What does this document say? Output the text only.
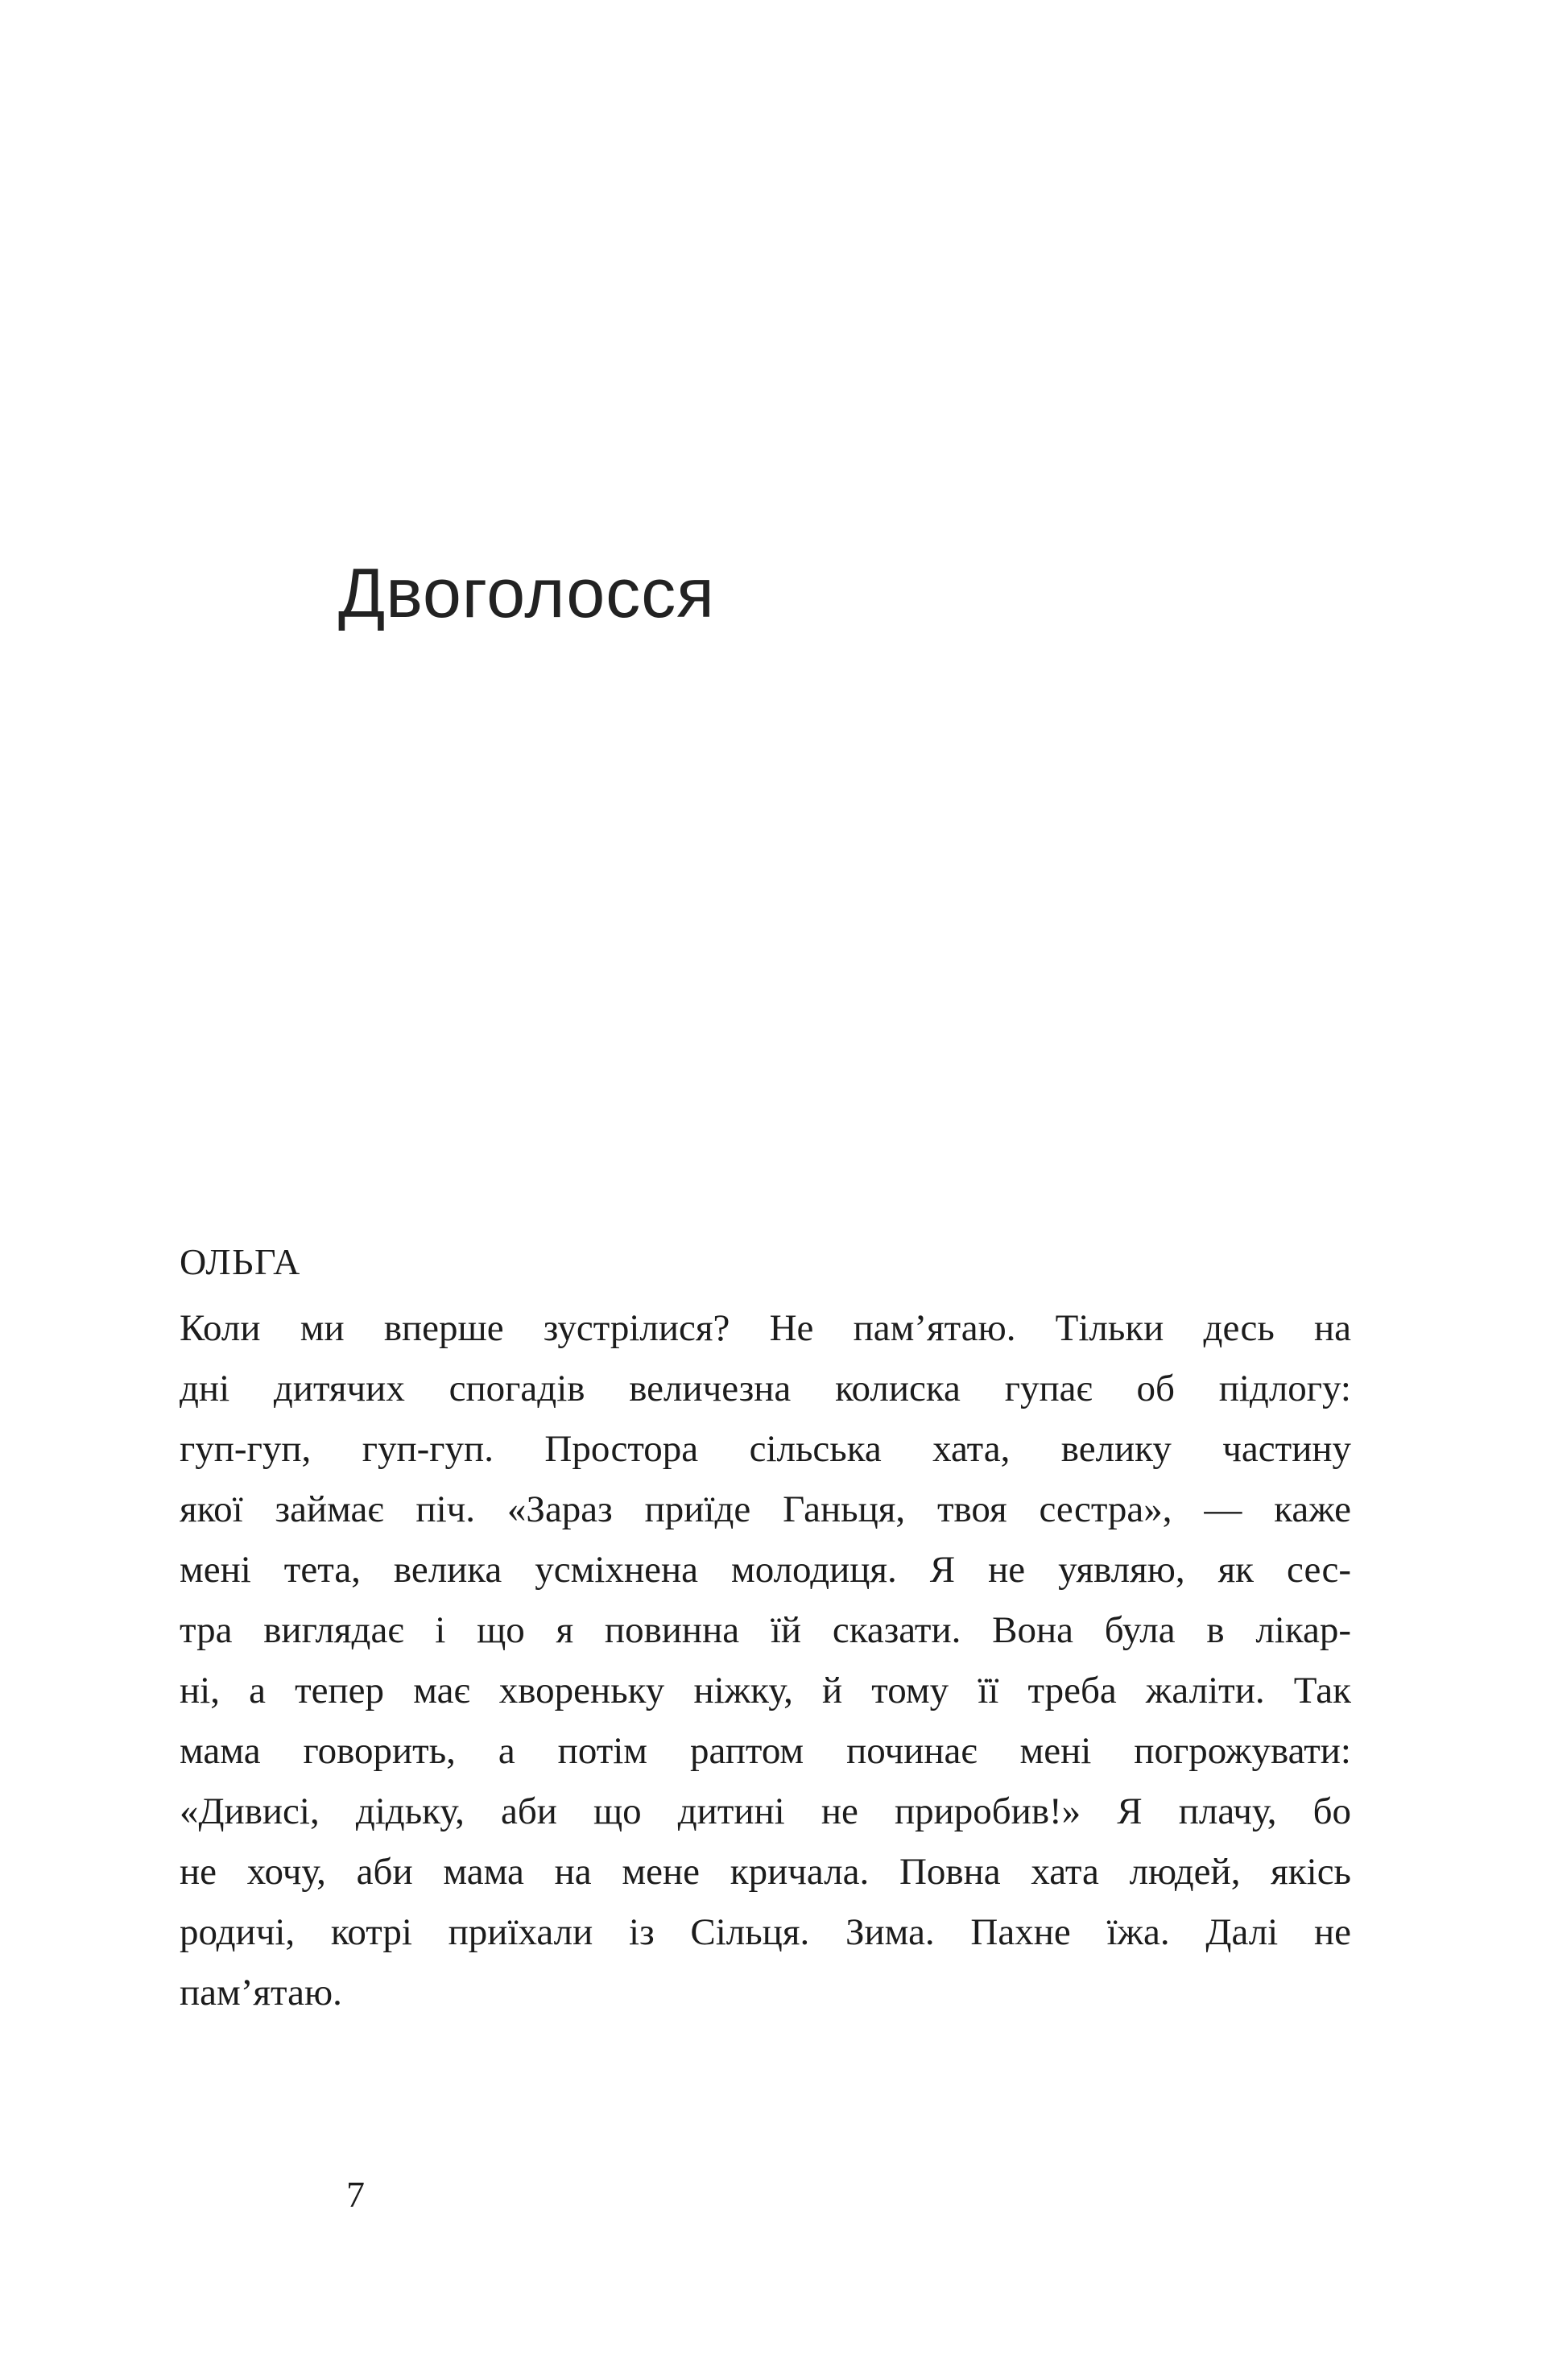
Двоголосся
ОЛЬГА
Коли ми вперше зустрілися? Не пам’ятаю. Тільки десь на
дні дитячих спогадів величезна колиска гупає об підлогу:
гуп-гуп, гуп-гуп. Простора сільська хата, велику частину
якої займає піч. «Зараз приїде Ганьця, твоя сестра», — каже
мені тета, велика усміхнена молодиця. Я не уявляю, як сес-
тра виглядає і що я повинна їй сказати. Вона була в лікар-
ні, а тепер має хвореньку ніжку, й тому її треба жаліти. Так
мама говорить, а потім раптом починає мені погрожувати:
«Дивисі, дідьку, аби що дитині не приробив!» Я плачу, бо
не хочу, аби мама на мене кричала. Повна хата людей, якісь
родичі, котрі приїхали із Сільця. Зима. Пахне їжа. Далі не
пам’ятаю.
7
